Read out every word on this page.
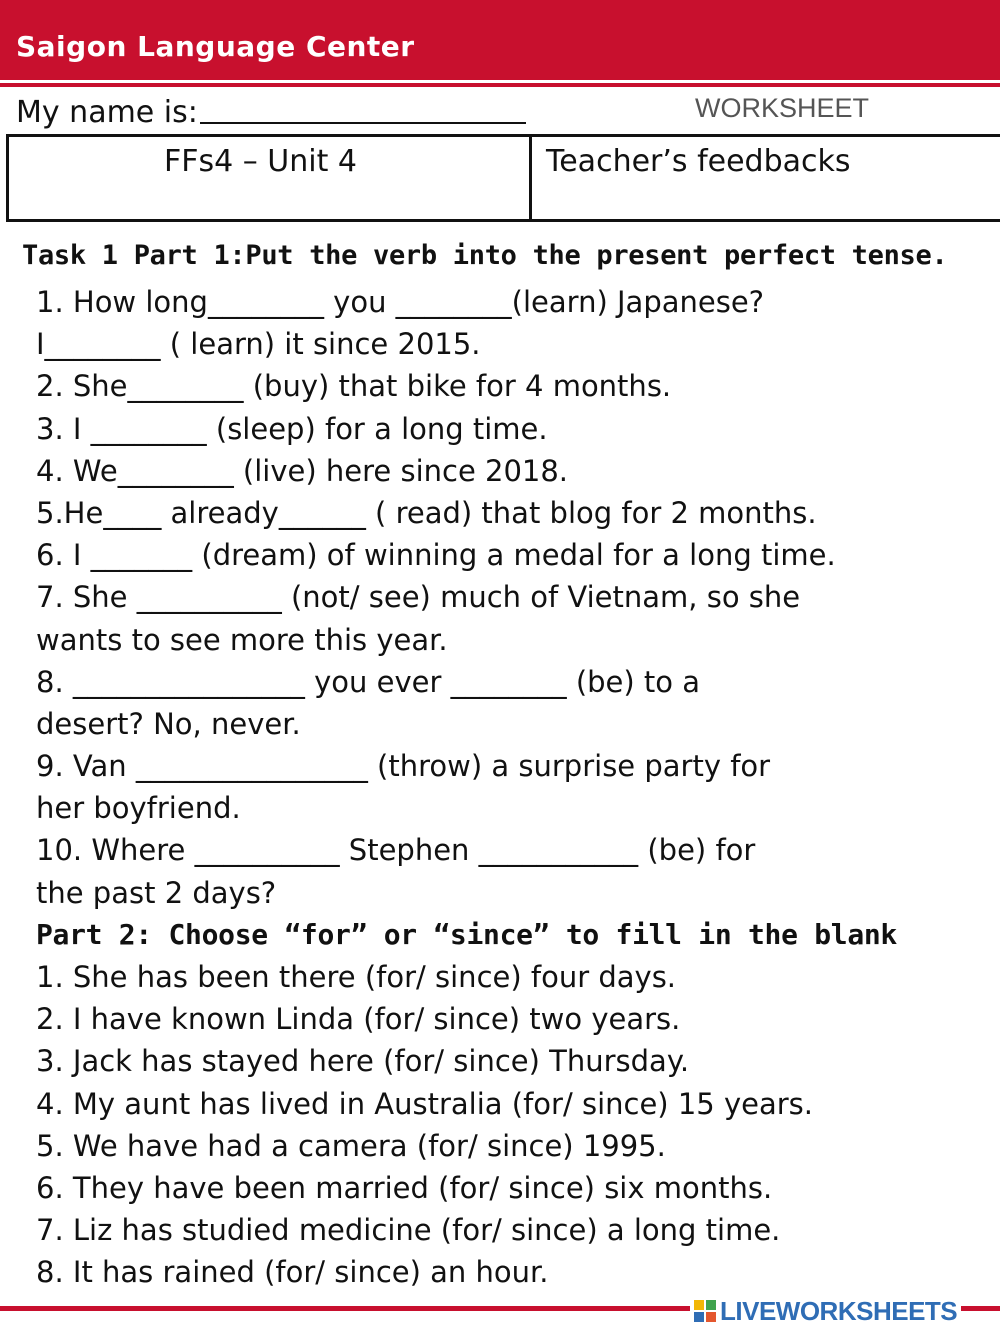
Saigon Language Center
My name is:	WORKSHEET
FFs4 – Unit 4	Teacher’s feedbacks
Task 1 Part 1:Put the verb into the present perfect tense.
1. How long________ you ________(learn) Japanese?
I________ ( learn) it since 2015.
2. She________ (buy) that bike for 4 months.
3. I ________ (sleep) for a long time.
4. We________ (live) here since 2018.
5.He____ already______ ( read) that blog for 2 months.
6. I _______ (dream) of winning a medal for a long time.
7. She __________ (not/ see) much of Vietnam, so she
wants to see more this year.
8. ________________ you ever ________ (be) to a
desert? No, never.
9. Van ________________ (throw) a surprise party for
her boyfriend.
10. Where __________ Stephen ___________ (be) for
the past 2 days?
Part 2: Choose “for” or “since” to fill in the blank
1. She has been there (for/ since) four days.
2. I have known Linda (for/ since) two years.
3. Jack has stayed here (for/ since) Thursday.
4. My aunt has lived in Australia (for/ since) 15 years.
5. We have had a camera (for/ since) 1995.
6. They have been married (for/ since) six months.
7. Liz has studied medicine (for/ since) a long time.
8. It has rained (for/ since) an hour.
LIVEWORKSHEETS
